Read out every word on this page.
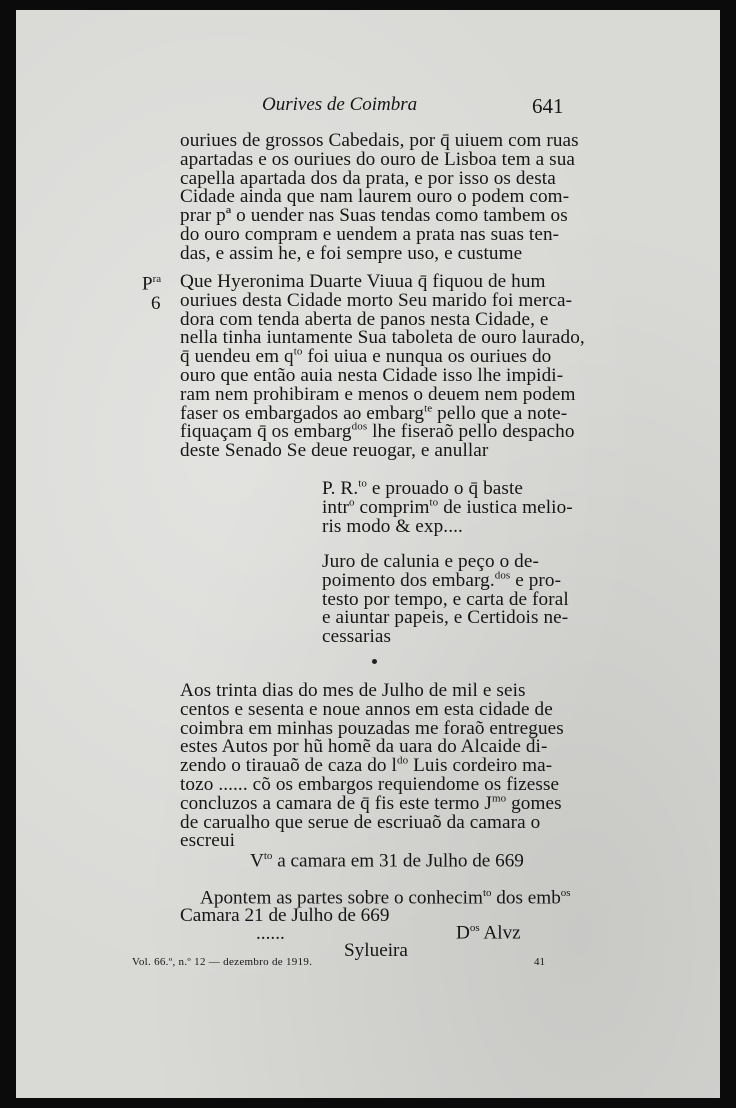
Ourives de Coimbra	641
$P^{ra}$
6
ouriues de grossos Cabedais, por q̄ uiuem com ruas
apartadas e os ouriues do ouro de Lisboa tem a sua
capella apartada dos da prata, e por isso os desta
Cidade ainda que nam laurem ouro o podem com-
prar pª o uender nas Suas tendas como tambem os
do ouro compram e uendem a prata nas suas ten-
das, e assim he, e foi sempre uso, e custume
Que Hyeronima Duarte Viuua q̄ fiquou de hum
ouriues desta Cidade morto Seu marido foi merca-
dora com tenda aberta de panos nesta Cidade, e
nella tinha iuntamente Sua taboleta de ouro laurado,
q̄ uendeu em $q^{to}$ foi uiua e nunqua os ouriues do
ouro que então auia nesta Cidade isso lhe impidi-
ram nem prohibiram e menos o deuem nem podem
faser os embargados ao embarg$^{te}$ pello que a note-
fiquaçam q̄ os embarg$^{dos}$ lhe fiseraõ pello despacho
deste Senado Se deue reuogar, e anullar
P. R.$^{to}$ e prouado o q̄ baste
intr$^o$ comprim$^{to}$ de iustica melio-
ris modo & exp....
Juro de calunia e peço o de-
poimento dos embarg.$^{dos}$ e pro-
testo por tempo, e carta de foral
e aiuntar papeis, e Certidois ne-
cessarias
Aos trinta dias do mes de Julho de mil e seis
centos e sesenta e noue annos em esta cidade de
coimbra em minhas pouzadas me foraõ entregues
estes Autos por hũ homẽ da uara do Alcaide di-
zendo o tirauaõ de caza do $l^{do}$ Luis cordeiro ma-
tozo ...... cõ os embargos requiendome os fizesse
concluzos a camara de q̄ fis este termo $J^{mo}$ gomes
de carualho que serue de escriuaõ da camara o
escreui
$V^{to}$ a camara em 31 de Julho de 669
Apontem as partes sobre o conhecim$^{to}$ dos emb$^{os}$
Camara 21 de Julho de 669
......	$D^{os}$ Alvz
Sylueira
Vol. 66.º, n.º 12 — dezembro de 1919.	41
